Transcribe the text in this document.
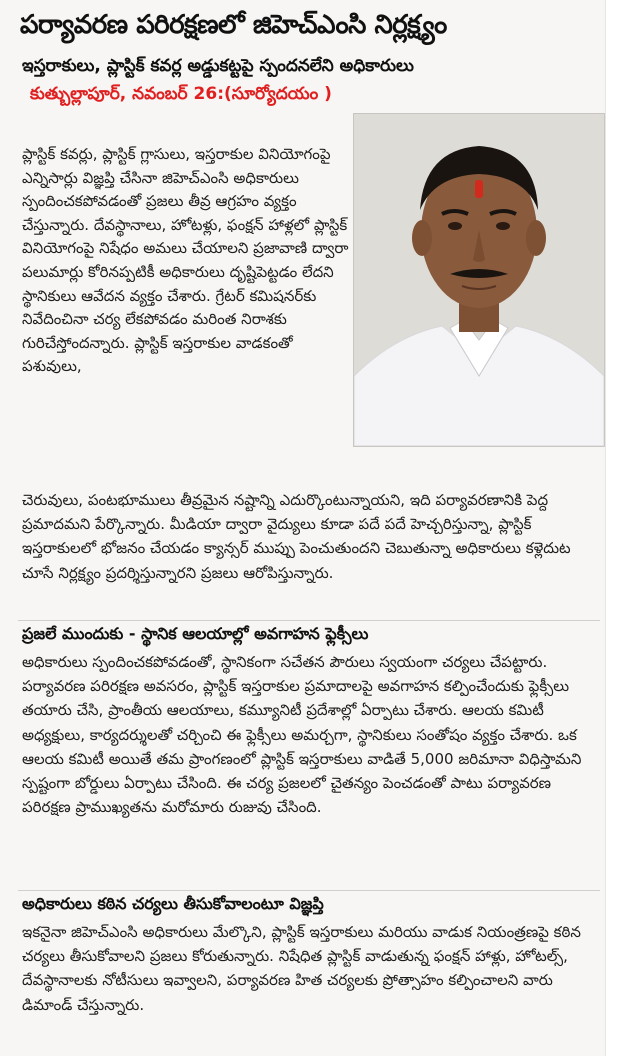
పర్యావరణ పరిరక్షణలో జిహెచ్ఎంసి నిర్లక్ష్యం
ఇస్తరాకులు, ప్లాస్టిక్ కవర్ల అడ్డుకట్టపై స్పందనలేని అధికారులు

కుత్బుల్లాపూర్, నవంబర్ 26:(సూర్యోదయం )

ప్లాస్టిక్ కవర్లు, ప్లాస్టిక్ గ్లాసులు, ఇస్తరాకుల వినియోగంపై ఎన్నిసార్లు విజ్ఞప్తి చేసినా జిహెచ్ఎంసి అధికారులు స్పందించకపోవడంతో ప్రజలు తీవ్ర ఆగ్రహం వ్యక్తం చేస్తున్నారు. దేవస్థానాలు, హోటళ్లు, ఫంక్షన్ హాళ్లలో ప్లాస్టిక్ వినియోగంపై నిషేధం అమలు చేయాలని ప్రజావాణి ద్వారా పలుమార్లు కోరినప్పటికీ అధికారులు దృష్టిపెట్టడం లేదని స్థానికులు ఆవేదన వ్యక్తం చేశారు. గ్రేటర్ కమిషనర్‌కు నివేదించినా చర్య లేకపోవడం మరింత నిరాశకు గురిచేస్తోందన్నారు. ప్లాస్టిక్ ఇస్తరాకుల వాడకంతో పశువులు,

చెరువులు, పంటభూములు తీవ్రమైన నష్టాన్ని ఎదుర్కొంటున్నాయని, ఇది పర్యావరణానికి పెద్ద ప్రమాదమని పేర్కొన్నారు. మీడియా ద్వారా వైద్యులు కూడా పదే పదే హెచ్చరిస్తున్నా, ప్లాస్టిక్ ఇస్తరాకులలో భోజనం చేయడం క్యాన్సర్ ముప్పు పెంచుతుందని చెబుతున్నా అధికారులు కళ్లెదుట చూసే నిర్లక్ష్యం ప్రదర్శిస్తున్నారని ప్రజలు ఆరోపిస్తున్నారు.

ప్రజలే ముందుకు - స్థానిక ఆలయాల్లో అవగాహన ఫ్లెక్సీలు

అధికారులు స్పందించకపోవడంతో, స్థానికంగా సచేతన పౌరులు స్వయంగా చర్యలు చేపట్టారు. పర్యావరణ పరిరక్షణ అవసరం, ప్లాస్టిక్ ఇస్తరాకుల ప్రమాదాలపై అవగాహన కల్పించేందుకు ఫ్లెక్సీలు తయారు చేసి, ప్రాంతీయ ఆలయాలు, కమ్యూనిటీ ప్రదేశాల్లో ఏర్పాటు చేశారు. ఆలయ కమిటీ అధ్యక్షులు, కార్యదర్శులతో చర్చించి ఈ ఫ్లెక్సీలు అమర్చగా, స్థానికులు సంతోషం వ్యక్తం చేశారు. ఒక ఆలయ కమిటీ అయితే తమ ప్రాంగణంలో ప్లాస్టిక్ ఇస్తరాకులు వాడితే 5,000 జరిమానా విధిస్తామని స్పష్టంగా బోర్డులు ఏర్పాటు చేసింది. ఈ చర్య ప్రజలలో చైతన్యం పెంచడంతో పాటు పర్యావరణ పరిరక్షణ ప్రాముఖ్యతను మరోమారు రుజువు చేసింది.

అధికారులు కఠిన చర్యలు తీసుకోవాలంటూ విజ్ఞప్తి

ఇకనైనా జిహెచ్ఎంసి అధికారులు మేల్కొని, ప్లాస్టిక్ ఇస్తరాకులు మరియు వాడుక నియంత్రణపై కఠిన చర్యలు తీసుకోవాలని ప్రజలు కోరుతున్నారు. నిషేధిత ప్లాస్టిక్ వాడుతున్న ఫంక్షన్ హాళ్లు, హోటల్స్, దేవస్థానాలకు నోటీసులు ఇవ్వాలని, పర్యావరణ హిత చర్యలకు ప్రోత్సాహం కల్పించాలని వారు డిమాండ్ చేస్తున్నారు.
